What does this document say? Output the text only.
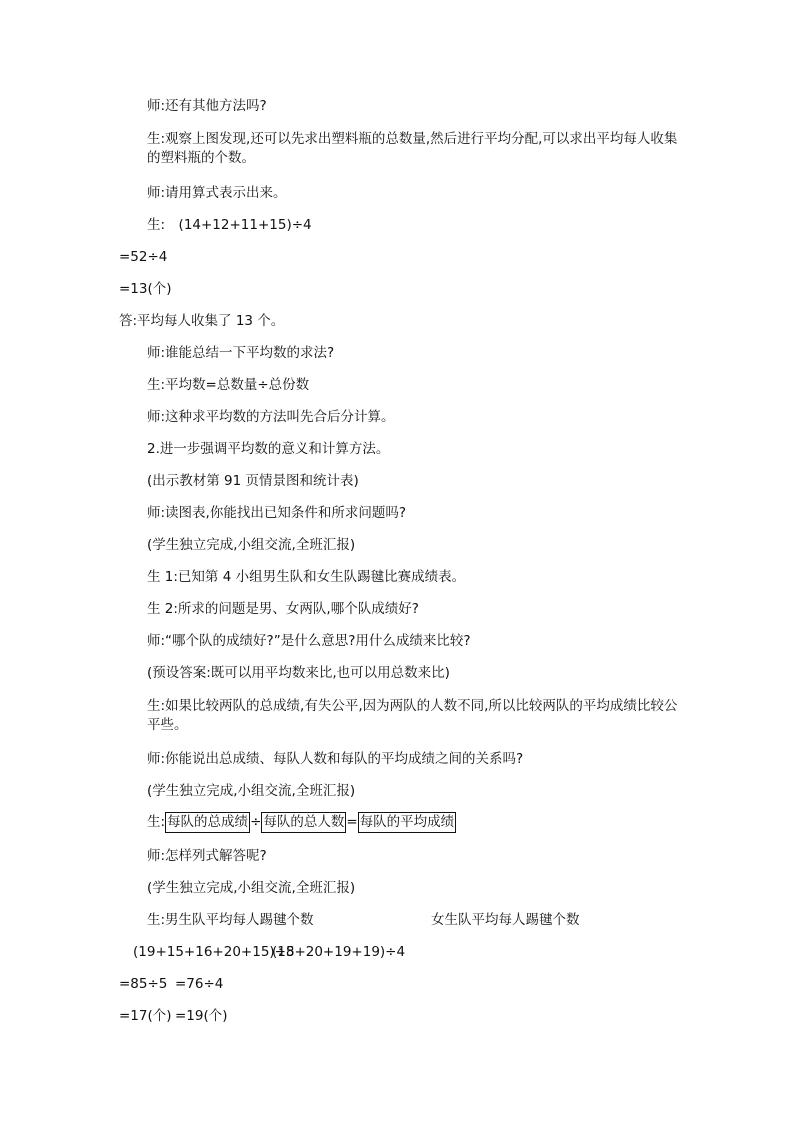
师:还有其他方法吗?
生:观察上图发现,还可以先求出塑料瓶的总数量,然后进行平均分配,可以求出平均每人收集的塑料瓶的个数。
师:请用算式表示出来。
生:　(14+12+11+15)÷4
=52÷4
=13(个)
答:平均每人收集了 13 个。
师:谁能总结一下平均数的求法?
生:平均数=总数量÷总份数
师:这种求平均数的方法叫先合后分计算。
2.进一步强调平均数的意义和计算方法。
(出示教材第 91 页情景图和统计表)
师:读图表,你能找出已知条件和所求问题吗?
(学生独立完成,小组交流,全班汇报)
生 1:已知第 4 小组男生队和女生队踢毽比赛成绩表。
生 2:所求的问题是男、女两队,哪个队成绩好?
师:“哪个队的成绩好?”是什么意思?用什么成绩来比较?
(预设答案:既可以用平均数来比,也可以用总数来比)
生:如果比较两队的总成绩,有失公平,因为两队的人数不同,所以比较两队的平均成绩比较公平些。
师:你能说出总成绩、每队人数和每队的平均成绩之间的关系吗?
(学生独立完成,小组交流,全班汇报)
生: 每队的总成绩 ÷ 每队的总人数 = 每队的平均成绩
师:怎样列式解答呢?
(学生独立完成,小组交流,全班汇报)
生:男生队平均每人踢毽个数	女生队平均每人踢毽个数
(19+15+16+20+15)÷5
(18+20+19+19)÷4
=85÷5 =76÷4
=17(个) =19(个)
